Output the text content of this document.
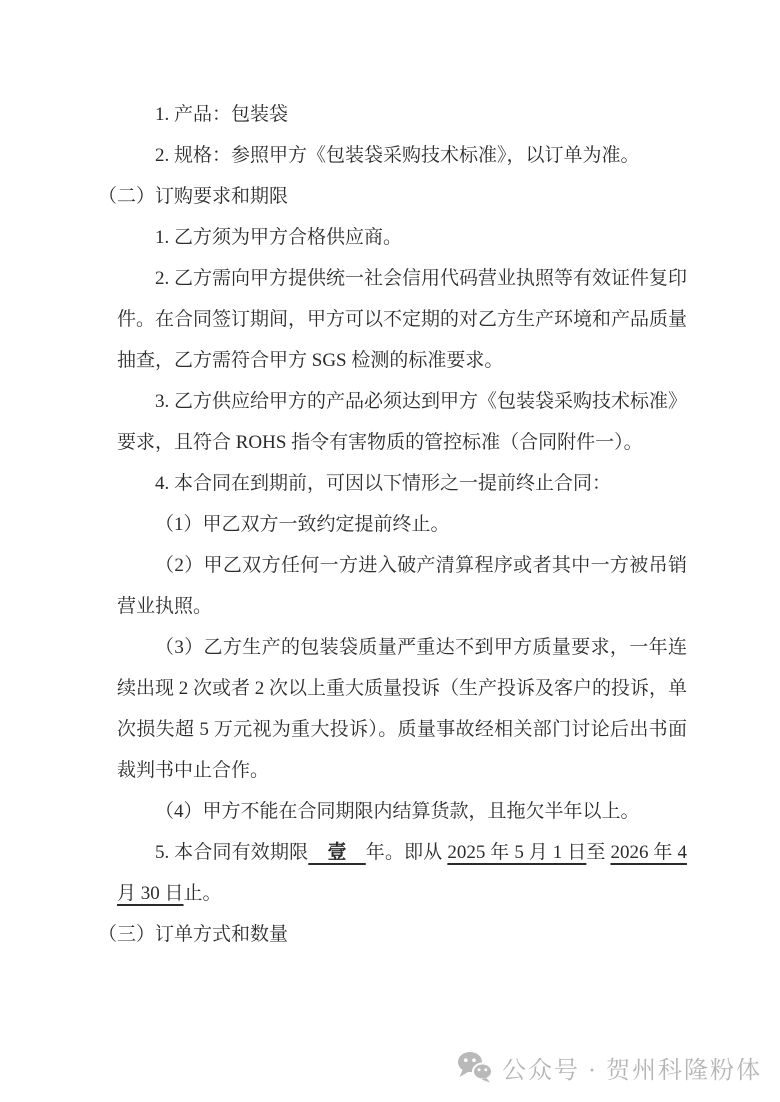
1. 产品：包装袋

2. 规格：参照甲方《包装袋采购技术标准》，以订单为准。

（二）订购要求和期限

1. 乙方须为甲方合格供应商。

2. 乙方需向甲方提供统一社会信用代码营业执照等有效证件复印件。在合同签订期间，甲方可以不定期的对乙方生产环境和产品质量抽查，乙方需符合甲方 SGS 检测的标准要求。

3. 乙方供应给甲方的产品必须达到甲方《包装袋采购技术标准》要求，且符合 ROHS 指令有害物质的管控标准（合同附件一）。

4. 本合同在到期前，可因以下情形之一提前终止合同：

（1）甲乙双方一致约定提前终止。

（2）甲乙双方任何一方进入破产清算程序或者其中一方被吊销营业执照。

（3）乙方生产的包装袋质量严重达不到甲方质量要求，一年连续出现 2 次或者 2 次以上重大质量投诉（生产投诉及客户的投诉，单次损失超 5 万元视为重大投诉）。质量事故经相关部门讨论后出书面裁判书中止合作。

（4）甲方不能在合同期限内结算货款，且拖欠半年以上。

5. 本合同有效期限　壹　年。即从 2025 年 5 月 1 日至 2026 年 4 月 30 日止。

（三）订单方式和数量

公众号 · 贺州科隆粉体
